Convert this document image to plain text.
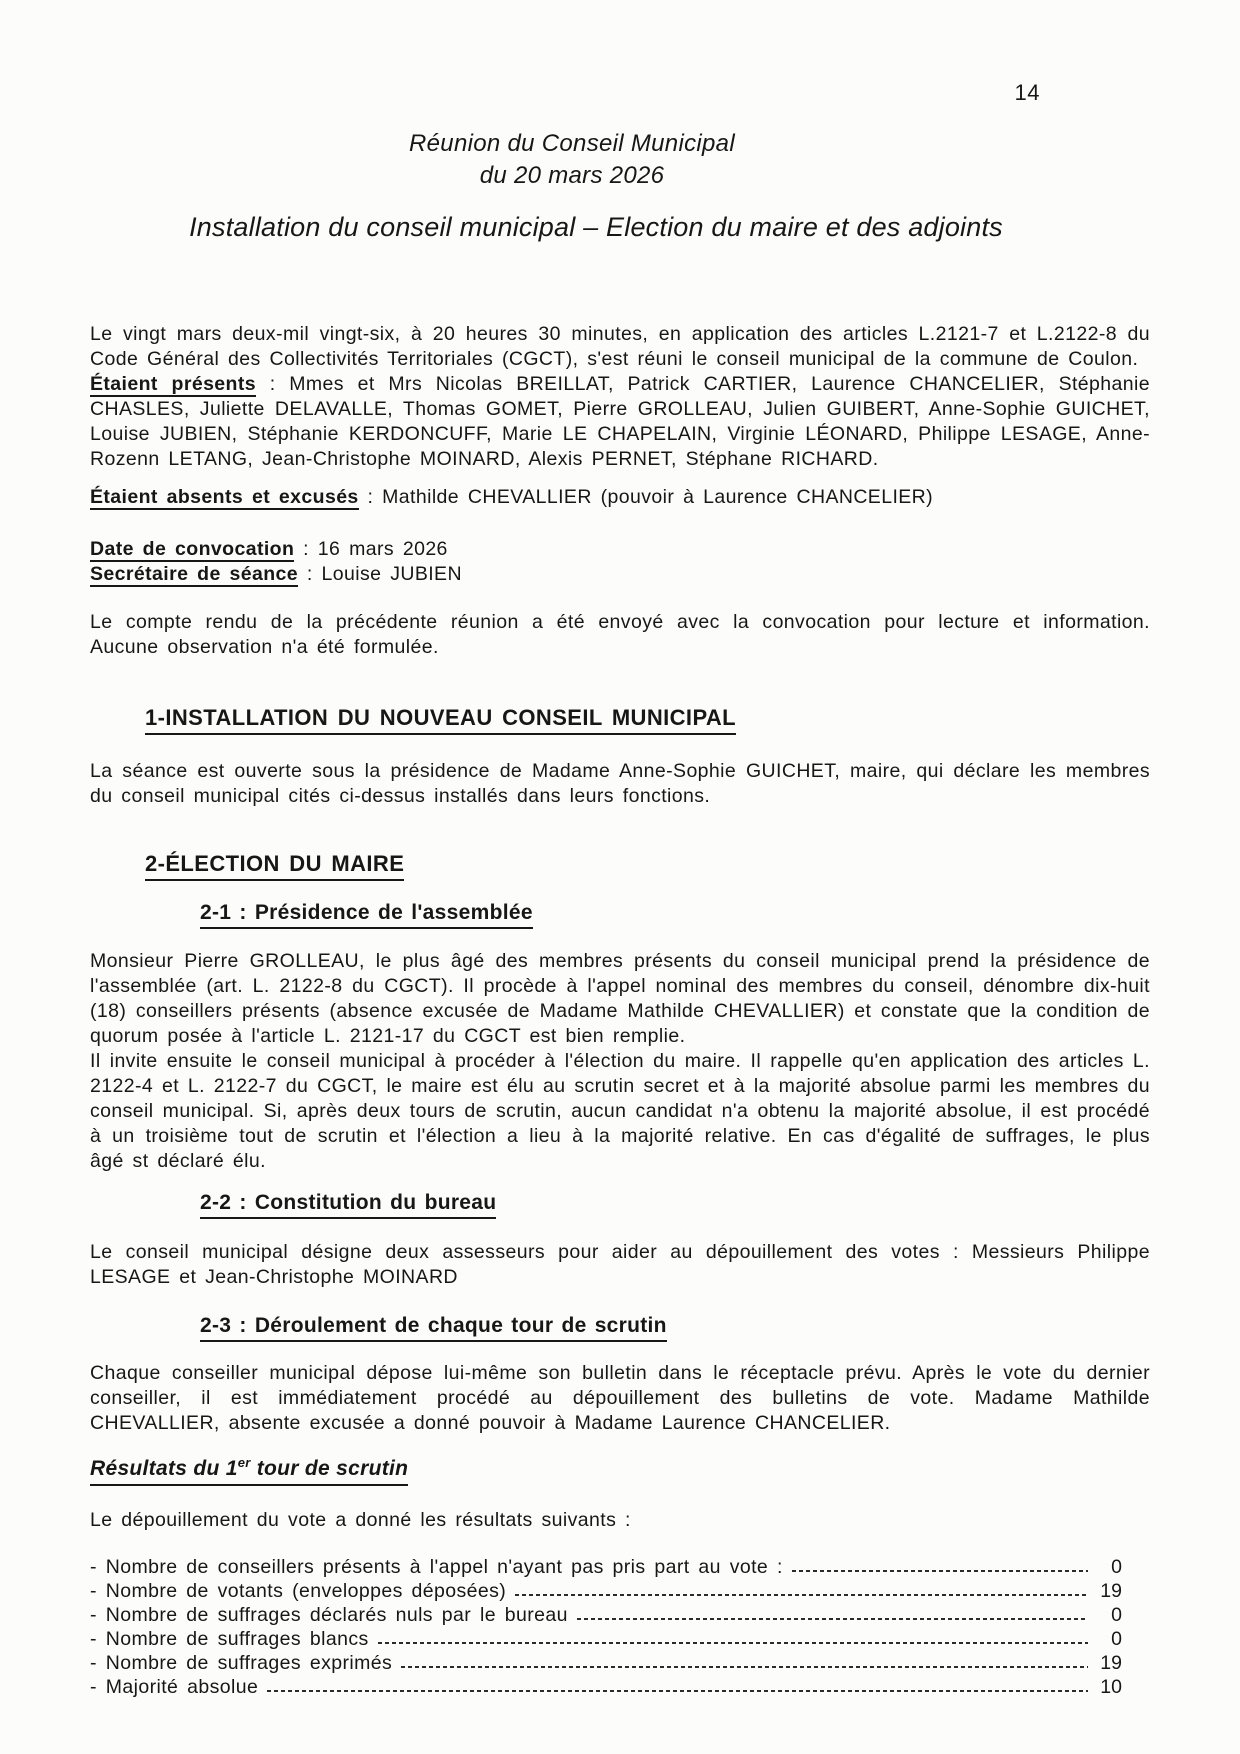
14
Réunion du Conseil Municipal
du 20 mars 2026
Installation du conseil municipal – Election du maire et des adjoints

Le vingt mars deux-mil vingt-six, à 20 heures 30 minutes, en application des articles L.2121-7 et L.2122-8 du Code Général des Collectivités Territoriales (CGCT), s'est réuni le conseil municipal de la commune de Coulon.

Étaient présents : Mmes et Mrs Nicolas BREILLAT, Patrick CARTIER, Laurence CHANCELIER, Stéphanie CHASLES, Juliette DELAVALLE, Thomas GOMET, Pierre GROLLEAU, Julien GUIBERT, Anne-Sophie GUICHET, Louise JUBIEN, Stéphanie KERDONCUFF, Marie LE CHAPELAIN, Virginie LÉONARD, Philippe LESAGE, Anne-Rozenn LETANG, Jean-Christophe MOINARD, Alexis PERNET, Stéphane RICHARD.

Étaient absents et excusés : Mathilde CHEVALLIER (pouvoir à Laurence CHANCELIER)

Date de convocation : 16 mars 2026

Secrétaire de séance : Louise JUBIEN

Le compte rendu de la précédente réunion a été envoyé avec la convocation pour lecture et information. Aucune observation n'a été formulée.

1-INSTALLATION DU NOUVEAU CONSEIL MUNICIPAL

La séance est ouverte sous la présidence de Madame Anne-Sophie GUICHET, maire, qui déclare les membres du conseil municipal cités ci-dessus installés dans leurs fonctions.

2-ÉLECTION DU MAIRE
2-1 : Présidence de l'assemblée

Monsieur Pierre GROLLEAU, le plus âgé des membres présents du conseil municipal prend la présidence de l'assemblée (art. L. 2122-8 du CGCT). Il procède à l'appel nominal des membres du conseil, dénombre dix-huit (18) conseillers présents (absence excusée de Madame Mathilde CHEVALLIER) et constate que la condition de quorum posée à l'article L. 2121-17 du CGCT est bien remplie.

Il invite ensuite le conseil municipal à procéder à l'élection du maire. Il rappelle qu'en application des articles L. 2122-4 et L. 2122-7 du CGCT, le maire est élu au scrutin secret et à la majorité absolue parmi les membres du conseil municipal. Si, après deux tours de scrutin, aucun candidat n'a obtenu la majorité absolue, il est procédé à un troisième tout de scrutin et l'élection a lieu à la majorité relative. En cas d'égalité de suffrages, le plus âgé st déclaré élu.

2-2 : Constitution du bureau

Le conseil municipal désigne deux assesseurs pour aider au dépouillement des votes : Messieurs Philippe LESAGE et Jean-Christophe MOINARD

2-3 : Déroulement de chaque tour de scrutin

Chaque conseiller municipal dépose lui-même son bulletin dans le réceptacle prévu. Après le vote du dernier conseiller, il est immédiatement procédé au dépouillement des bulletins de vote. Madame Mathilde CHEVALLIER, absente excusée a donné pouvoir à Madame Laurence CHANCELIER.

Résultats du 1er tour de scrutin

Le dépouillement du vote a donné les résultats suivants :

- Nombre de conseillers présents à l'appel n'ayant pas pris part au vote :	0
- Nombre de votants (enveloppes déposées)	19
- Nombre de suffrages déclarés nuls par le bureau	0
- Nombre de suffrages blancs	0
- Nombre de suffrages exprimés	19
- Majorité absolue	10
